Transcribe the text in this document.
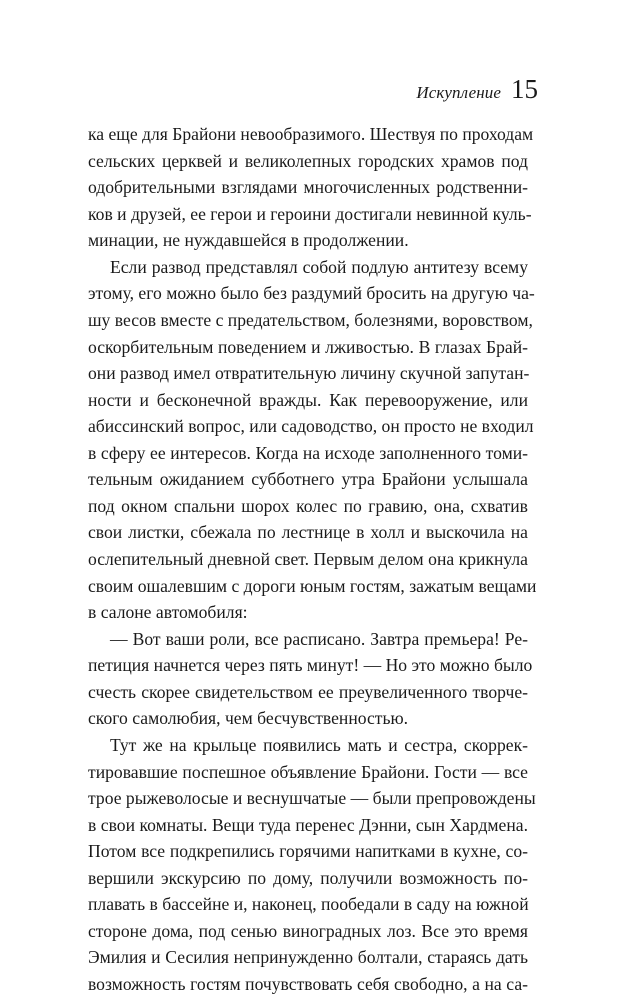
Искупление 15
ка еще для Брайони невообразимого. Шествуя по проходам
сельских церквей и великолепных городских храмов под
одобрительными взглядами многочисленных родственни-
ков и друзей, ее герои и героини достигали невинной куль-
минации, не нуждавшейся в продолжении.
Если развод представлял собой подлую антитезу всему
этому, его можно было без раздумий бросить на другую ча-
шу весов вместе с предательством, болезнями, воровством,
оскорбительным поведением и лживостью. В глазах Брай-
они развод имел отвратительную личину скучной запутан-
ности и бесконечной вражды. Как перевооружение, или
абиссинский вопрос, или садоводство, он просто не входил
в сферу ее интересов. Когда на исходе заполненного томи-
тельным ожиданием субботнего утра Брайони услышала
под окном спальни шорох колес по гравию, она, схватив
свои листки, сбежала по лестнице в холл и выскочила на
ослепительный дневной свет. Первым делом она крикнула
своим ошалевшим с дороги юным гостям, зажатым вещами
в салоне автомобиля:
— Вот ваши роли, все расписано. Завтра премьера! Ре-
петиция начнется через пять минут! — Но это можно было
счесть скорее свидетельством ее преувеличенного творче-
ского самолюбия, чем бесчувственностью.
Тут же на крыльце появились мать и сестра, скоррек-
тировавшие поспешное объявление Брайони. Гости — все
трое рыжеволосые и веснушчатые — были препровождены
в свои комнаты. Вещи туда перенес Дэнни, сын Хардмена.
Потом все подкрепились горячими напитками в кухне, со-
вершили экскурсию по дому, получили возможность по-
плавать в бассейне и, наконец, пообедали в саду на южной
стороне дома, под сенью виноградных лоз. Все это время
Эмилия и Сесилия непринужденно болтали, стараясь дать
возможность гостям почувствовать себя свободно, а на са-
